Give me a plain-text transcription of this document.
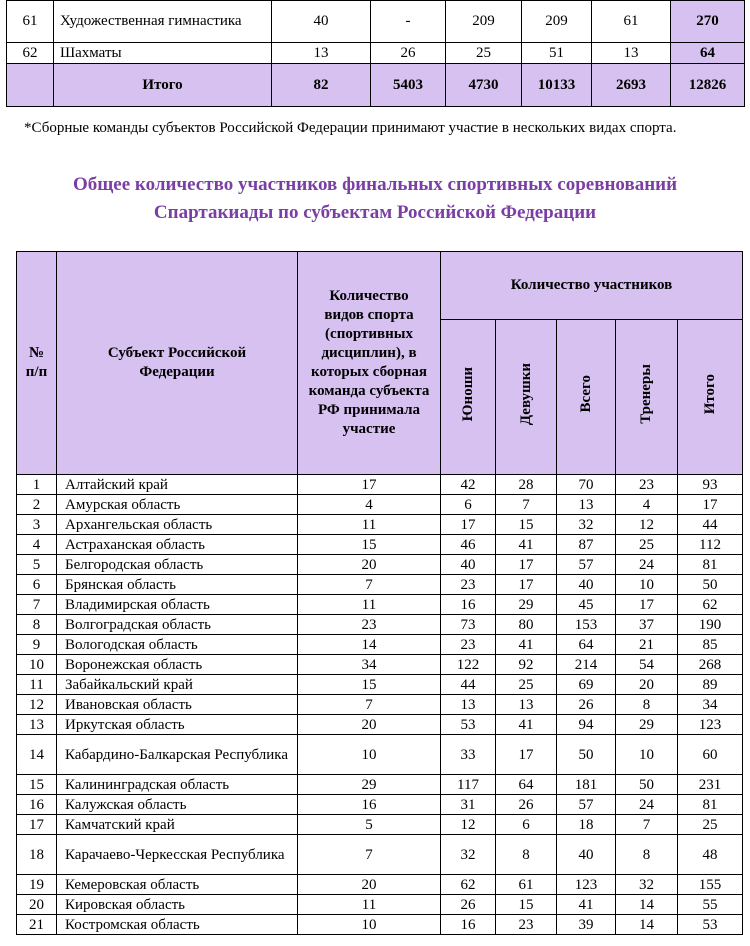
61	Художественная гимнастика	40	-	209	209	61	270
62	Шахматы	13	26	25	51	13	64
	Итого	82	5403	4730	10133	2693	12826
*Сборные команды субъектов Российской Федерации принимают участие в нескольких видах спорта.
Общее количество участников финальных спортивных соревнований
Спартакиады по субъектам Российской Федерации
№ п/п	Субъект Российской Федерации	Количество видов спорта (спортивных дисциплин), в которых сборная команда субъекта РФ принимала участие	Количество участников				
			Юноши	Девушки	Всего	Тренеры	Итого
1	Алтайский край	17	42	28	70	23	93
2	Амурская область	4	6	7	13	4	17
3	Архангельская область	11	17	15	32	12	44
4	Астраханская область	15	46	41	87	25	112
5	Белгородская область	20	40	17	57	24	81
6	Брянская область	7	23	17	40	10	50
7	Владимирская область	11	16	29	45	17	62
8	Волгоградская область	23	73	80	153	37	190
9	Вологодская область	14	23	41	64	21	85
10	Воронежская область	34	122	92	214	54	268
11	Забайкальский край	15	44	25	69	20	89
12	Ивановская область	7	13	13	26	8	34
13	Иркутская область	20	53	41	94	29	123
14	Кабардино-Балкарская Республика	10	33	17	50	10	60
15	Калининградская область	29	117	64	181	50	231
16	Калужская область	16	31	26	57	24	81
17	Камчатский край	5	12	6	18	7	25
18	Карачаево-Черкесская Республика	7	32	8	40	8	48
19	Кемеровская область	20	62	61	123	32	155
20	Кировская область	11	26	15	41	14	55
21	Костромская область	10	16	23	39	14	53
